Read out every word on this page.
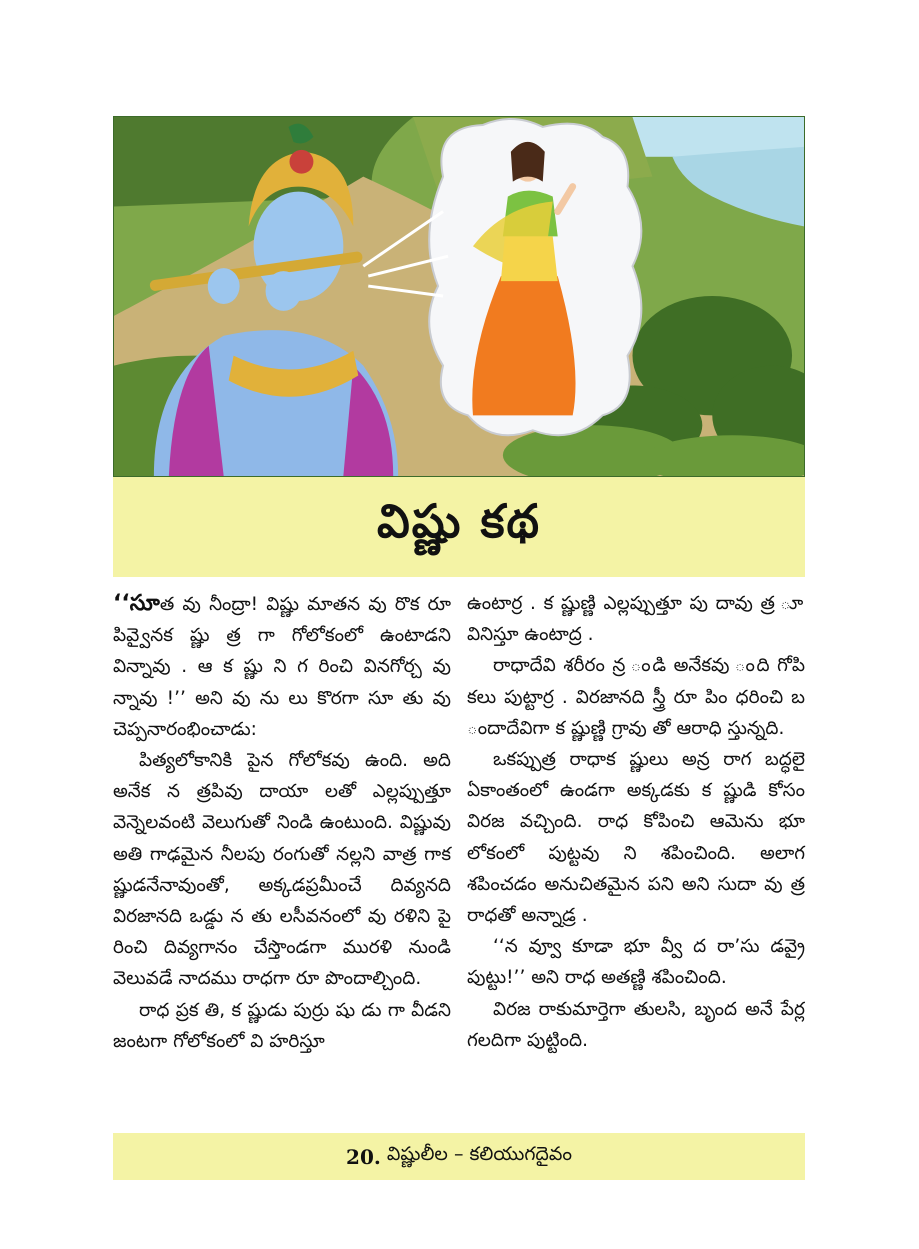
విష్ణు కథ

‘‘సూత వు నీంద్రా! విష్ణు మాతన వు రొక రూ పివ్వైనక ష్ణు త్ర గా గోలోకంలో ఉంటాడని విన్నావు . ఆ క ష్ణు ని గ రించి వినగోర్చ వు న్నావు !’’ అని వు ను లు కొరగా సూ తు వు చెప్పనారంభించాడు:

పిత్యలోకానికి పైన గోలోకవు ఉంది. అది అనేక న త్రపివు దాయా లతో ఎల్లప్పుత్తూ వెన్నెలవంటి వెలుగుతో నిండి ఉంటుంది. విష్ణువు అతి గాఢమైన నీలపు రంగుతో నల్లని వాత్ర గాక ష్ణుడనేనావుంతో, అక్కడప్రమీంచే దివ్యనది విరజానది ఒడ్డు న తు లసీవనంలో వు రళిని పై రించి దివ్యగానం చేస్తొండగా మురళి నుండి వెలువడే నాదము రాధగా రూ పొందాల్చింది.

రాధ ప్రక తి, క ష్ణుడు పుర్రు షు డు గా వీడని జంటగా గోలోకంలో వి హరిస్తూ

ఉంటార్ర . క ష్ణుణ్ణి ఎల్లప్పుత్తూ పు దావు త్ర ూ వినిస్తూ ఉంటాద్ర .

రాధాదేవి శరీరం న్ర ండి అనేకవు ంది గోపి కలు పుట్టార్ర . విరజానది స్త్రీ రూ పిం ధరించి బ ందాదేవిగా క ష్ణుణ్ణి గ్రావు తో ఆరాధి స్తున్నది.

ఒకప్పుత్ర రాధాక ష్ణులు అన్ర రాగ బద్ధలై ఏకాంతంలో ఉండగా అక్కడకు క ష్ణుడి కోసం విరజ వచ్చింది. రాధ కోపించి ఆమెను భూ లోకంలో పుట్టవు ని శపించింది. అలాగ శపించడం అనుచితమైన పని అని సుదా వు త్ర రాధతో అన్నాడ్ర .

‘‘న వ్వూ కూడా భూ వ్వీ ద రా’సు డవ్రై పుట్టు!’’ అని రాధ అతణ్ణి శపించింది.

విరజ రాకుమార్తెగా తులసి, బృంద అనే పేర్ల గలదిగా పుట్టింది.

20.
విష్ణులీల – కలియుగదైవం
